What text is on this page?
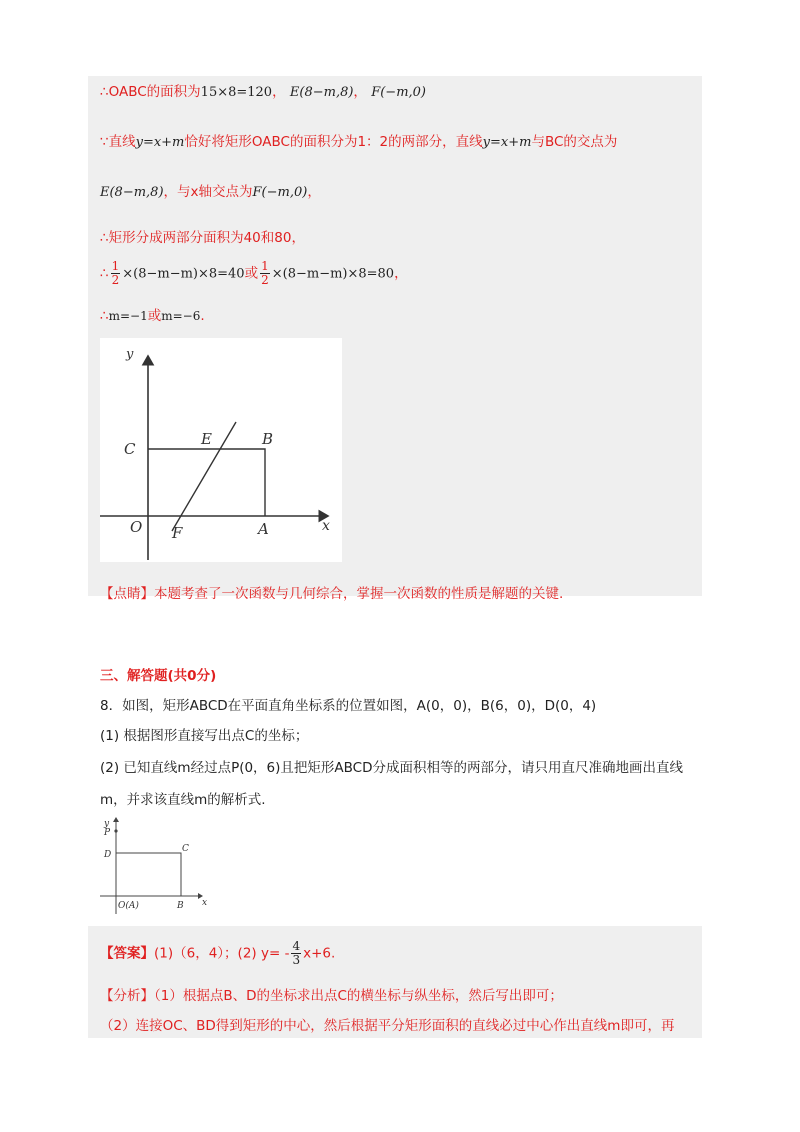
∴OABC的面积为15×8=120， E(8−m,8)， F(−m,0)
∵直线y=x+m恰好将矩形OABC的面积分为1：2的两部分，直线y=x+m与BC的交点为
E(8−m,8)，与x轴交点为F(−m,0)，
∴矩形分成两部分面积为40和80，
∴ $\frac{1}{2} \times(8-m-m)\times 8=40$或 $\frac{1}{2} \times(8-m-m)\times 8=80$，
∴m=−1或m=−6.
y
x
C
E	B
O F	A
【点睛】本题考查了一次函数与几何综合，掌握一次函数的性质是解题的关键.
三、解答题(共0分)
8．如图，矩形ABCD在平面直角坐标系的位置如图，A(0，0)，B(6，0)，D(0，4)
(1) 根据图形直接写出点C的坐标；
(2) 已知直线m经过点P(0，6)且把矩形ABCD分成面积相等的两部分，请只用直尺准确地画出直线
m，并求该直线m的解析式.
y
P
D
C
O(A)	B x
【答案】(1)（6，4）；(2) $y= - \frac{4}{3} x+6$.
【分析】（1）根据点B、D的坐标求出点C的横坐标与纵坐标，然后写出即可；
（2）连接OC、BD得到矩形的中心，然后根据平分矩形面积的直线必过中心作出直线m即可，再
